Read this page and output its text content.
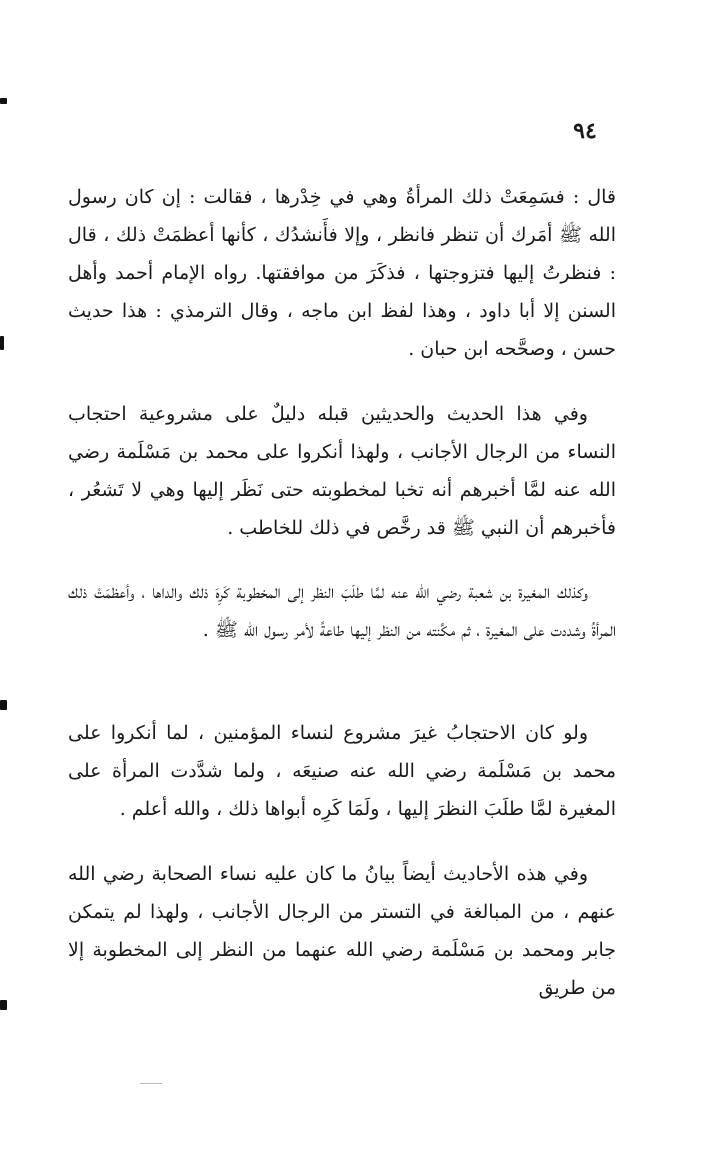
٩٤

قال : فسَمِعَتْ ذلك المرأةُ وهي في خِدْرها ، فقالت : إن كان رسول الله ﷺ أمَرك أن تنظر فانظر ، وإلا فأَنشدُك ، كأنها أعظمَتْ ذلك ، قال : فنظرتُ إليها فتزوجتها ، فذكَرَ من موافقتها. رواه الإمام أحمد وأهل السنن إلا أبا داود ، وهذا لفظ ابن ماجه ، وقال الترمذي : هذا حديث حسن ، وصحَّحه ابن حبان .

وفي هذا الحديث والحديثين قبله دليلٌ على مشروعية احتجاب النساء من الرجال الأجانب ، ولهذا أنكروا على محمد بن مَسْلَمة رضي الله عنه لمَّا أخبرهم أنه تخبا لمخطوبته حتى نَظَر إليها وهي لا تَشعُر ، فأخبرهم أن النبي ﷺ قد رخَّص في ذلك للخاطب .

وكذلك المغيرة بن شعبة رضي الله عنه لمَّا طلَبَ النظر إلى المخطوبة كَرِهَ ذلك والداها ، وأعظمَتْ ذلك المرأةُ وشددت على المغيرة ، ثم مكَّنته من النظر إليها طاعةً لأمر رسول الله ﷺ .

ولو كان الاحتجابُ غيرَ مشروع لنساء المؤمنين ، لما أنكروا على محمد بن مَسْلَمة رضي الله عنه صنيعَه ، ولما شدَّدت المرأة على المغيرة لمَّا طلَبَ النظرَ إليها ، ولَمَا كَرِه أبواها ذلك ، والله أعلم .

وفي هذه الأحاديث أيضاً بيانُ ما كان عليه نساء الصحابة رضي الله عنهم ، من المبالغة في التستر من الرجال الأجانب ، ولهذا لم يتمكن جابر ومحمد بن مَسْلَمة رضي الله عنهما من النظر إلى المخطوبة إلا من طريق
